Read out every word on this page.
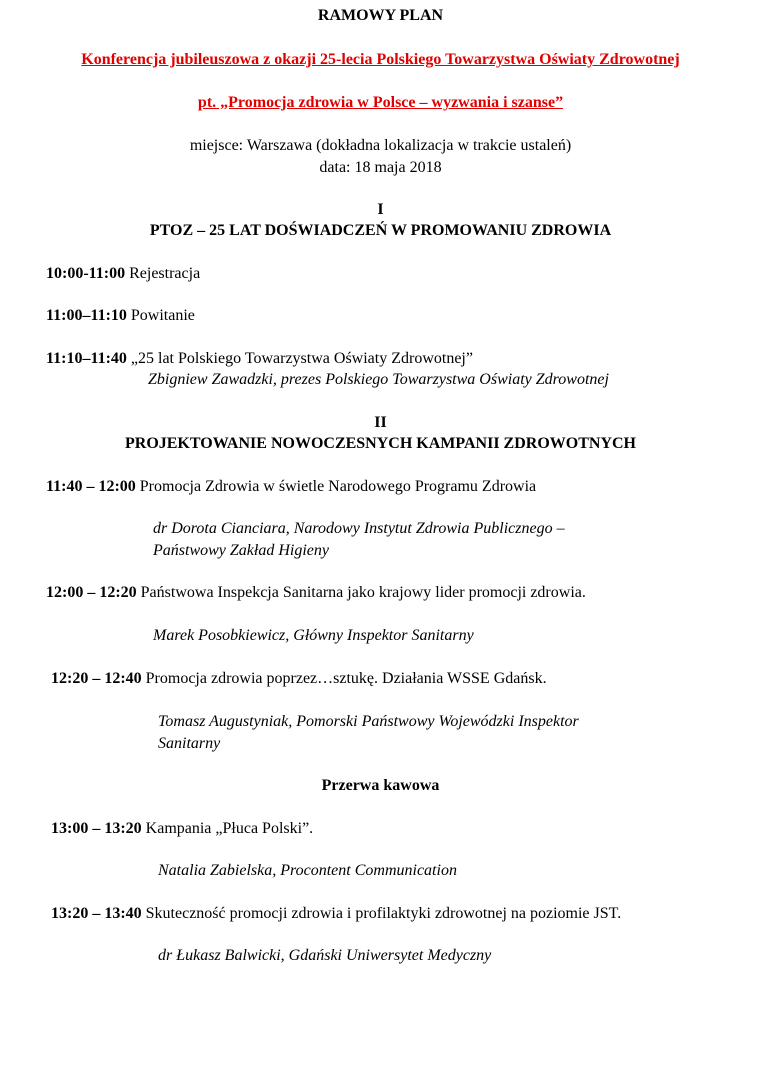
RAMOWY PLAN
Konferencja jubileuszowa z okazji 25-lecia Polskiego Towarzystwa Oświaty Zdrowotnej
pt. „Promocja zdrowia w Polsce – wyzwania i szanse”
miejsce: Warszawa (dokładna lokalizacja w trakcie ustaleń)
data: 18 maja 2018
I
PTOZ – 25 LAT DOŚWIADCZEŃ W PROMOWANIU ZDROWIA
10:00-11:00 Rejestracja
11:00–11:10 Powitanie
11:10–11:40 „25 lat Polskiego Towarzystwa Oświaty Zdrowotnej”
Zbigniew Zawadzki, prezes Polskiego Towarzystwa Oświaty Zdrowotnej
II
PROJEKTOWANIE NOWOCZESNYCH KAMPANII ZDROWOTNYCH
11:40 – 12:00 Promocja Zdrowia w świetle Narodowego Programu Zdrowia
dr Dorota Cianciara, Narodowy Instytut Zdrowia Publicznego –
Państwowy Zakład Higieny
12:00 – 12:20 Państwowa Inspekcja Sanitarna jako krajowy lider promocji zdrowia.
Marek Posobkiewicz, Główny Inspektor Sanitarny
12:20 – 12:40 Promocja zdrowia poprzez…sztukę. Działania WSSE Gdańsk.
Tomasz Augustyniak, Pomorski Państwowy Wojewódzki Inspektor
Sanitarny
Przerwa kawowa
13:00 – 13:20 Kampania „Płuca Polski”.
Natalia Zabielska, Procontent Communication
13:20 – 13:40 Skuteczność promocji zdrowia i profilaktyki zdrowotnej na poziomie JST.
dr Łukasz Balwicki, Gdański Uniwersytet Medyczny
